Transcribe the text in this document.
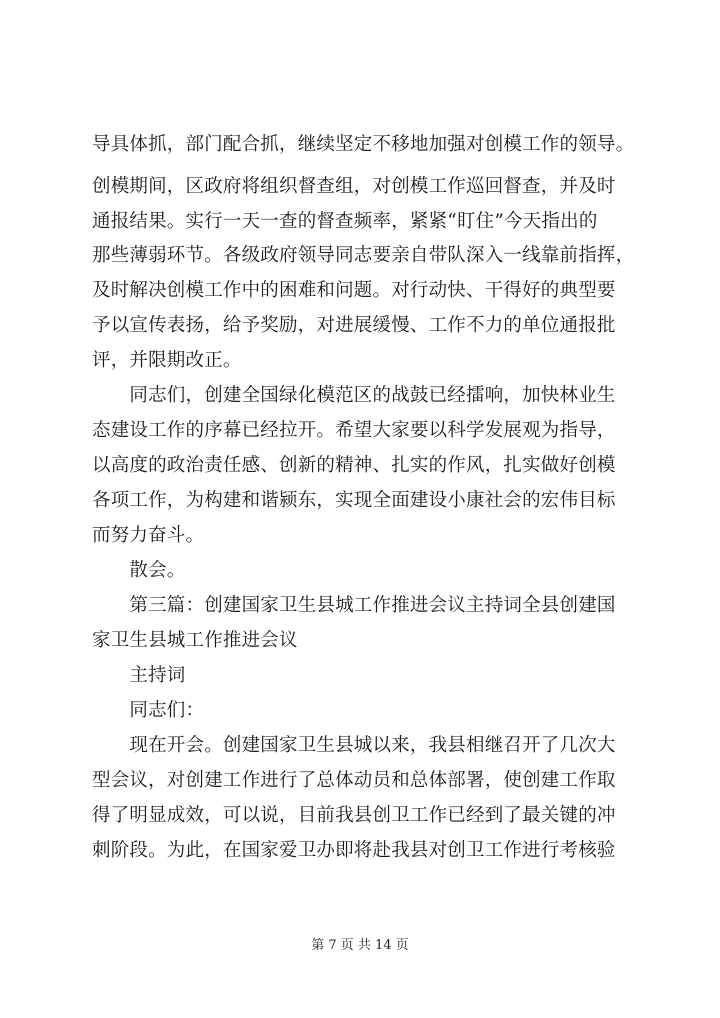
导具体抓，部门配合抓，继续坚定不移地加强对创模工作的领导。
创模期间，区政府将组织督查组，对创模工作巡回督查，并及时
通报结果。实行一天一查的督查频率，紧紧“盯住”今天指出的
那些薄弱环节。各级政府领导同志要亲自带队深入一线靠前指挥，
及时解决创模工作中的困难和问题。对行动快、干得好的典型要
予以宣传表扬，给予奖励，对进展缓慢、工作不力的单位通报批
评，并限期改正。
　　同志们，创建全国绿化模范区的战鼓已经擂响，加快林业生
态建设工作的序幕已经拉开。希望大家要以科学发展观为指导，
以高度的政治责任感、创新的精神、扎实的作风，扎实做好创模
各项工作，为构建和谐颍东，实现全面建设小康社会的宏伟目标
而努力奋斗。
　　散会。
　　第三篇：创建国家卫生县城工作推进会议主持词全县创建国
家卫生县城工作推进会议
　　主持词
　　同志们：
　　现在开会。创建国家卫生县城以来，我县相继召开了几次大
型会议，对创建工作进行了总体动员和总体部署，使创建工作取
得了明显成效，可以说，目前我县创卫工作已经到了最关键的冲
刺阶段。为此，在国家爱卫办即将赴我县对创卫工作进行考核验
第 7 页 共 14 页
